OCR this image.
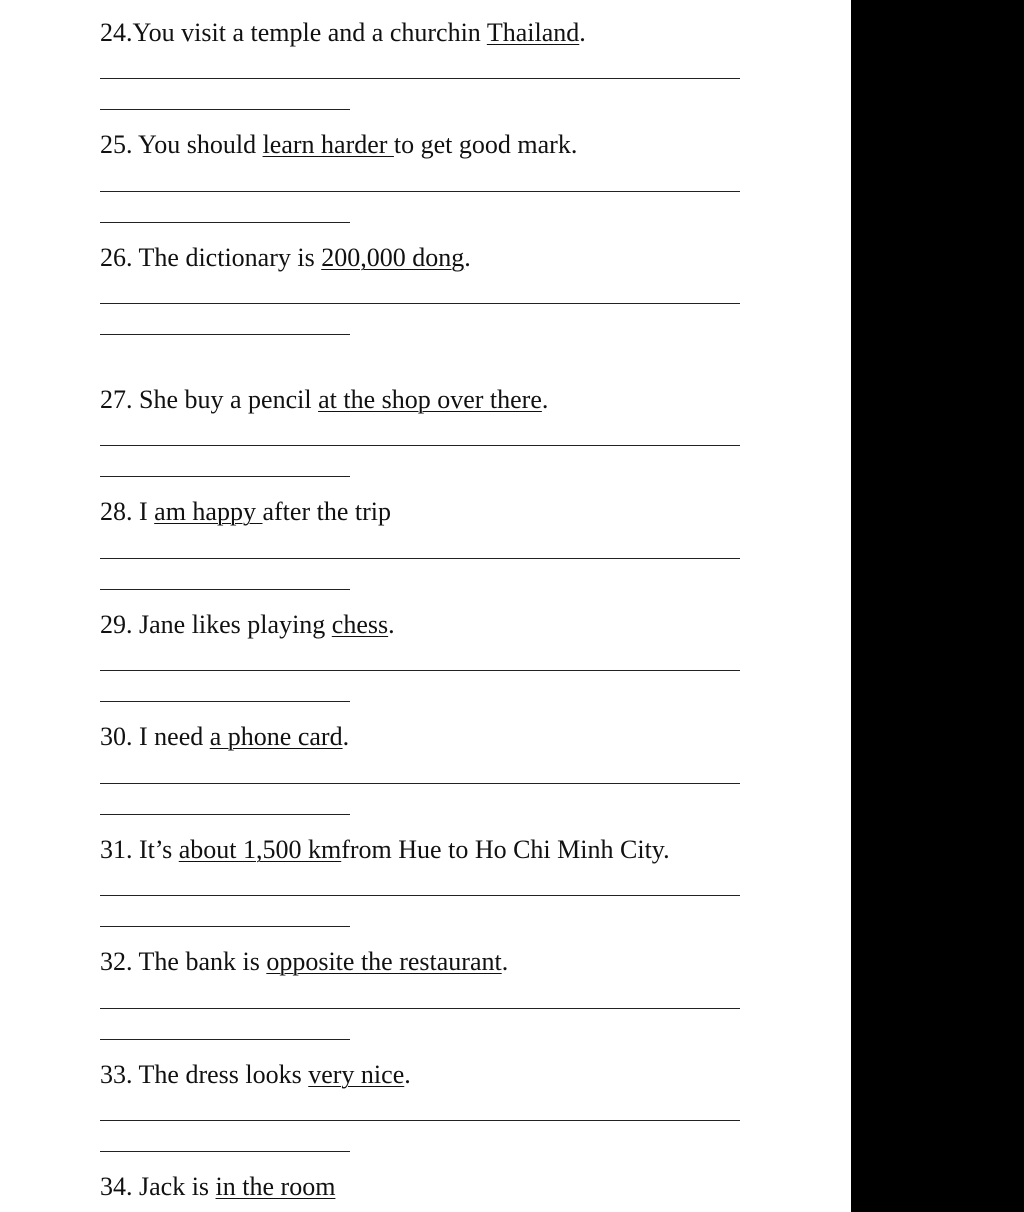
24.You visit a temple and a churchin Thailand.

25. You should learn harder to get good mark.

26. The dictionary is 200,000 dong.

27. She buy a pencil at the shop over there.

28. I am happy after the trip

29. Jane likes playing chess.

30. I need a phone card.

31. It’s about 1,500 kmfrom Hue to Ho Chi Minh City.

32. The bank is opposite the restaurant.

33. The dress looks very nice.

34. Jack is in the room
